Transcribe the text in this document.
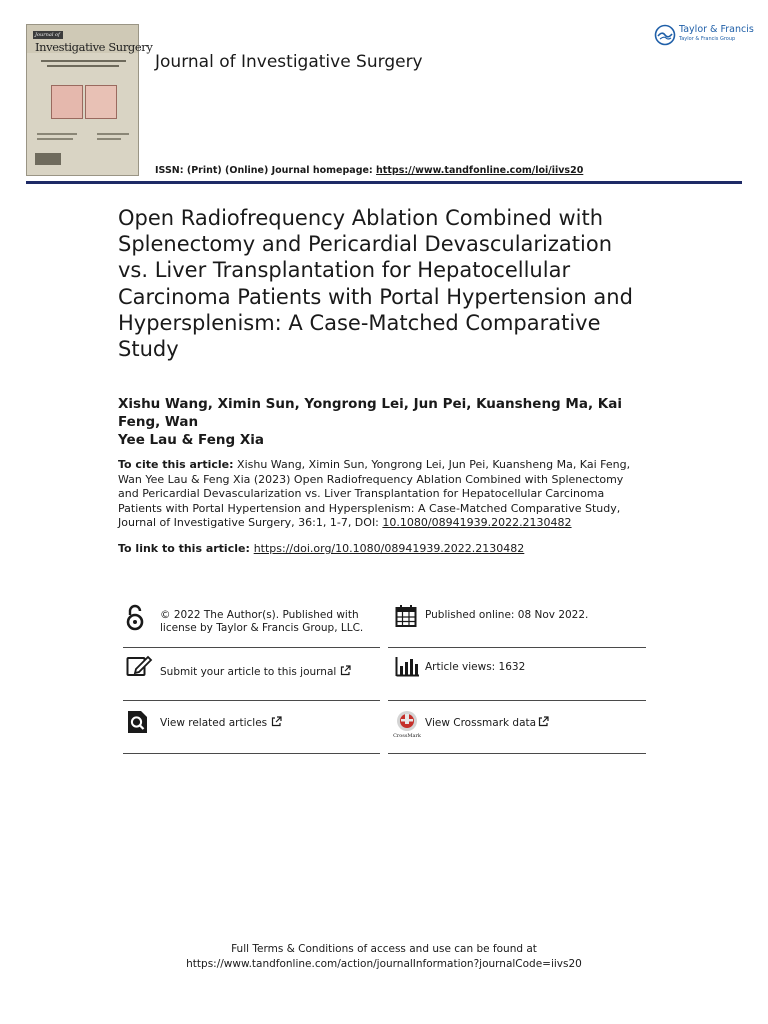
Journal of
Investigative Surgery
Journal of Investigative Surgery
ISSN: (Print) (Online) Journal homepage: https://www.tandfonline.com/loi/iivs20
Taylor & Francis
Taylor & Francis Group
Open Radiofrequency Ablation Combined with
Splenectomy and Pericardial Devascularization
vs. Liver Transplantation for Hepatocellular
Carcinoma Patients with Portal Hypertension and
Hypersplenism: A Case-Matched Comparative
Study
Xishu Wang, Ximin Sun, Yongrong Lei, Jun Pei, Kuansheng Ma, Kai Feng, Wan
Yee Lau & Feng Xia
To cite this article: Xishu Wang, Ximin Sun, Yongrong Lei, Jun Pei, Kuansheng Ma, Kai Feng,
Wan Yee Lau & Feng Xia (2023) Open Radiofrequency Ablation Combined with Splenectomy
and Pericardial Devascularization vs. Liver Transplantation for Hepatocellular Carcinoma
Patients with Portal Hypertension and Hypersplenism: A Case-Matched Comparative Study,
Journal of Investigative Surgery, 36:1, 1-7, DOI: 10.1080/08941939.2022.2130482
To link to this article: https://doi.org/10.1080/08941939.2022.2130482
© 2022 The Author(s). Published with
license by Taylor & Francis Group, LLC.
Published online: 08 Nov 2022.
Submit your article to this journal	Article views: 1632
View related articles
CrossMark
View Crossmark data
Full Terms & Conditions of access and use can be found at
https://www.tandfonline.com/action/journalInformation?journalCode=iivs20
